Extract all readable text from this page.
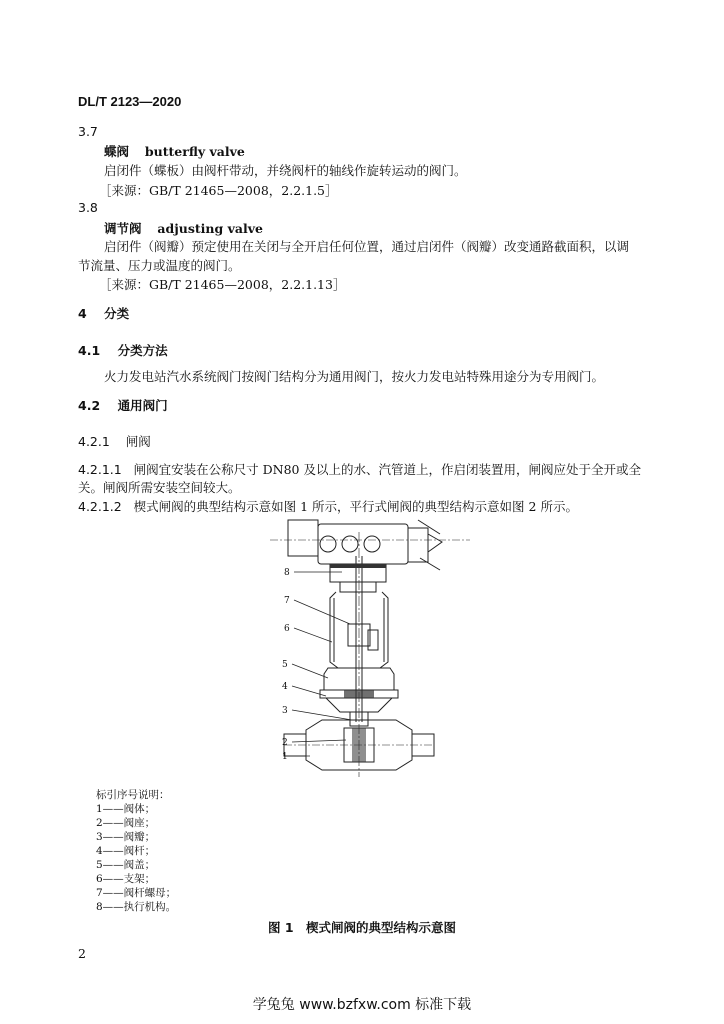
DL/T 2123—2020
3.7
蝶阀 butterfly valve
启闭件（蝶板）由阀杆带动，并绕阀杆的轴线作旋转运动的阀门。
［来源：GB/T 21465—2008，2.2.1.5］
3.8
调节阀 adjusting valve
启闭件（阀瓣）预定使用在关闭与全开启任何位置，通过启闭件（阀瓣）改变通路截面积，以调
节流量、压力或温度的阀门。
［来源：GB/T 21465—2008，2.2.1.13］
4 分类
4.1 分类方法
火力发电站汽水系统阀门按阀门结构分为通用阀门，按火力发电站特殊用途分为专用阀门。
4.2 通用阀门
4.2.1 闸阀
4.2.1.1 闸阀宜安装在公称尺寸 DN80 及以上的水、汽管道上，作启闭装置用，闸阀应处于全开或全
关。闸阀所需安装空间较大。
4.2.1.2 楔式闸阀的典型结构示意如图 1 所示，平行式闸阀的典型结构示意如图 2 所示。
8
7
6
5
4
3
2
1
标引序号说明：
1——阀体；
2——阀座；
3——阀瓣；
4——阀杆；
5——阀盖；
6——支架；
7——阀杆螺母；
8——执行机构。
图 1　楔式闸阀的典型结构示意图
2
学兔兔 www.bzfxw.com 标准下载
